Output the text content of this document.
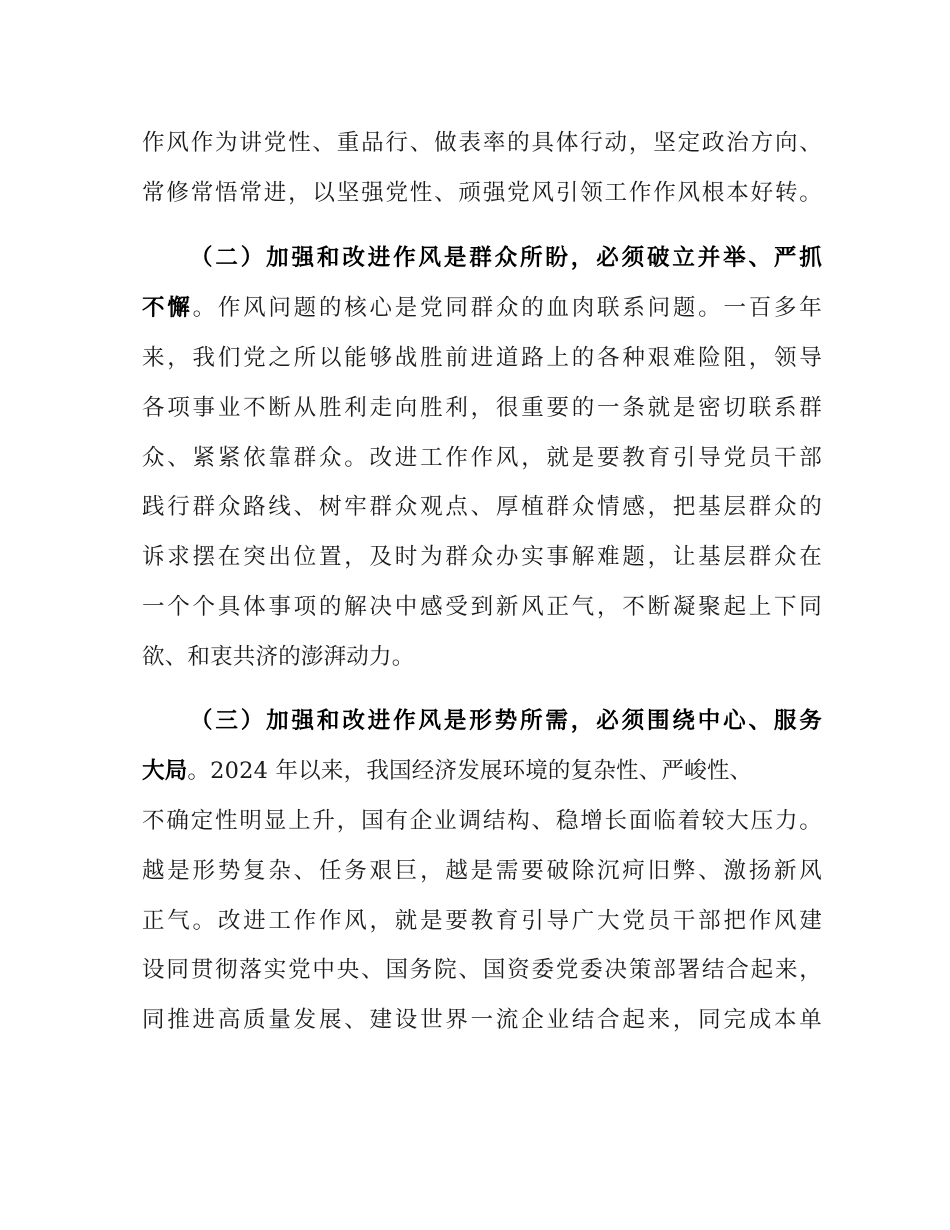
作风作为讲党性、重品行、做表率的具体行动，坚定政治方向、
常修常悟常进，以坚强党性、顽强党风引领工作作风根本好转。
（二）加强和改进作风是群众所盼，必须破立并举、严抓
不懈。作风问题的核心是党同群众的血肉联系问题。一百多年
来，我们党之所以能够战胜前进道路上的各种艰难险阻，领导
各项事业不断从胜利走向胜利，很重要的一条就是密切联系群
众、紧紧依靠群众。改进工作作风，就是要教育引导党员干部
践行群众路线、树牢群众观点、厚植群众情感，把基层群众的
诉求摆在突出位置，及时为群众办实事解难题，让基层群众在
一个个具体事项的解决中感受到新风正气，不断凝聚起上下同
欲、和衷共济的澎湃动力。
（三）加强和改进作风是形势所需，必须围绕中心、服务
大局。2024 年以来，我国经济发展环境的复杂性、严峻性、
不确定性明显上升，国有企业调结构、稳增长面临着较大压力。
越是形势复杂、任务艰巨，越是需要破除沉疴旧弊、激扬新风
正气。改进工作作风，就是要教育引导广大党员干部把作风建
设同贯彻落实党中央、国务院、国资委党委决策部署结合起来，
同推进高质量发展、建设世界一流企业结合起来，同完成本单
